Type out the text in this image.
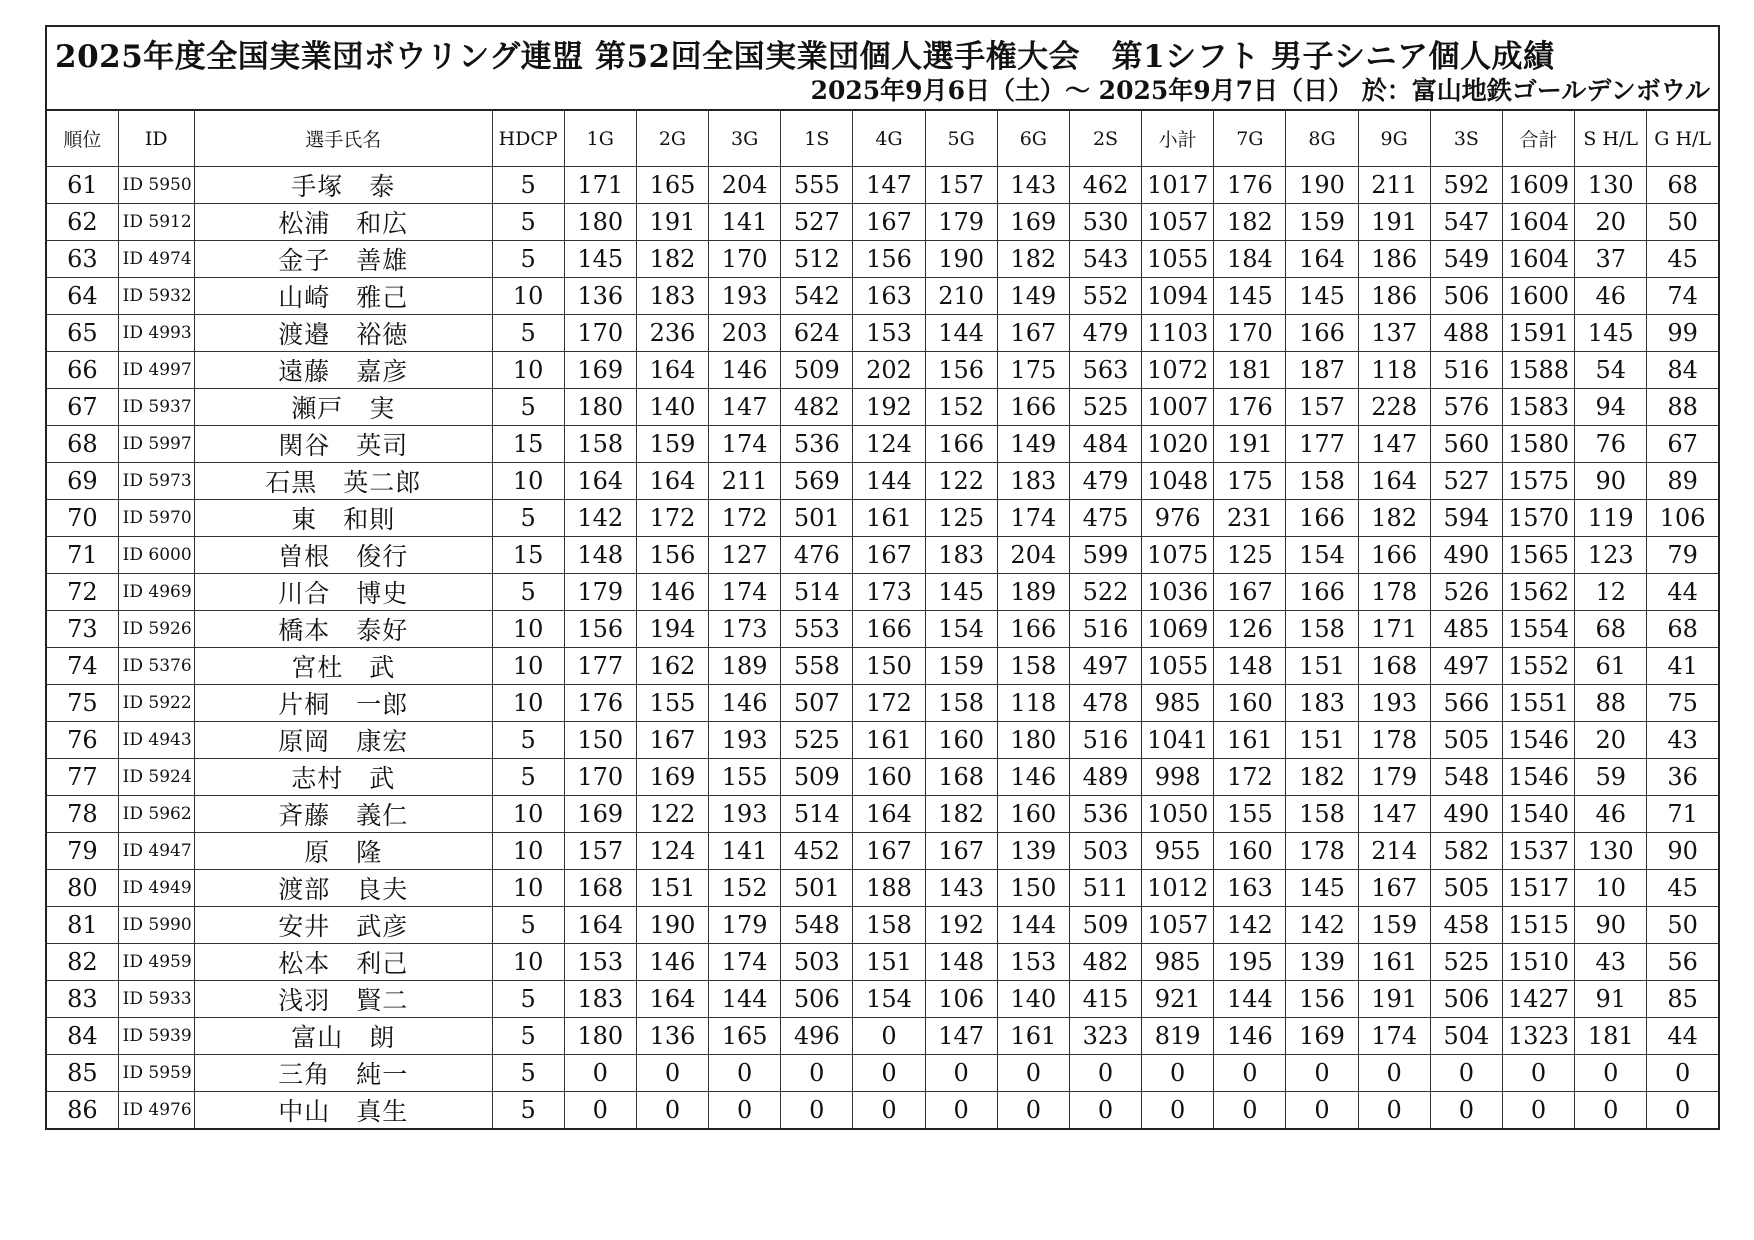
2025年度全国実業団ボウリング連盟 第52回全国実業団個人選手権大会　第1シフト 男子シニア個人成績
2025年9月6日（土）～ 2025年9月7日（日） 於：富山地鉄ゴールデンボウル
順位	ID	選手氏名	HDCP	1G	2G	3G	1S	4G	5G	6G	2S	小計	7G	8G	9G	3S	合計	S H/L	G H/L
61	ID 5950	手塚　泰	5	171	165	204	555	147	157	143	462	1017	176	190	211	592	1609	130	68
62	ID 5912	松浦　和広	5	180	191	141	527	167	179	169	530	1057	182	159	191	547	1604	20	50
63	ID 4974	金子　善雄	5	145	182	170	512	156	190	182	543	1055	184	164	186	549	1604	37	45
64	ID 5932	山崎　雅己	10	136	183	193	542	163	210	149	552	1094	145	145	186	506	1600	46	74
65	ID 4993	渡邉　裕徳	5	170	236	203	624	153	144	167	479	1103	170	166	137	488	1591	145	99
66	ID 4997	遠藤　嘉彦	10	169	164	146	509	202	156	175	563	1072	181	187	118	516	1588	54	84
67	ID 5937	瀬戸　実	5	180	140	147	482	192	152	166	525	1007	176	157	228	576	1583	94	88
68	ID 5997	関谷　英司	15	158	159	174	536	124	166	149	484	1020	191	177	147	560	1580	76	67
69	ID 5973	石黒　英二郎	10	164	164	211	569	144	122	183	479	1048	175	158	164	527	1575	90	89
70	ID 5970	東　和則	5	142	172	172	501	161	125	174	475	976	231	166	182	594	1570	119	106
71	ID 6000	曽根　俊行	15	148	156	127	476	167	183	204	599	1075	125	154	166	490	1565	123	79
72	ID 4969	川合　博史	5	179	146	174	514	173	145	189	522	1036	167	166	178	526	1562	12	44
73	ID 5926	橋本　泰好	10	156	194	173	553	166	154	166	516	1069	126	158	171	485	1554	68	68
74	ID 5376	宮杜　武	10	177	162	189	558	150	159	158	497	1055	148	151	168	497	1552	61	41
75	ID 5922	片桐　一郎	10	176	155	146	507	172	158	118	478	985	160	183	193	566	1551	88	75
76	ID 4943	原岡　康宏	5	150	167	193	525	161	160	180	516	1041	161	151	178	505	1546	20	43
77	ID 5924	志村　武	5	170	169	155	509	160	168	146	489	998	172	182	179	548	1546	59	36
78	ID 5962	斉藤　義仁	10	169	122	193	514	164	182	160	536	1050	155	158	147	490	1540	46	71
79	ID 4947	原　隆	10	157	124	141	452	167	167	139	503	955	160	178	214	582	1537	130	90
80	ID 4949	渡部　良夫	10	168	151	152	501	188	143	150	511	1012	163	145	167	505	1517	10	45
81	ID 5990	安井　武彦	5	164	190	179	548	158	192	144	509	1057	142	142	159	458	1515	90	50
82	ID 4959	松本　利己	10	153	146	174	503	151	148	153	482	985	195	139	161	525	1510	43	56
83	ID 5933	浅羽　賢二	5	183	164	144	506	154	106	140	415	921	144	156	191	506	1427	91	85
84	ID 5939	富山　朗	5	180	136	165	496	0	147	161	323	819	146	169	174	504	1323	181	44
85	ID 5959	三角　純一	5	0	0	0	0	0	0	0	0	0	0	0	0	0	0	0	0
86	ID 4976	中山　真生	5	0	0	0	0	0	0	0	0	0	0	0	0	0	0	0	0
